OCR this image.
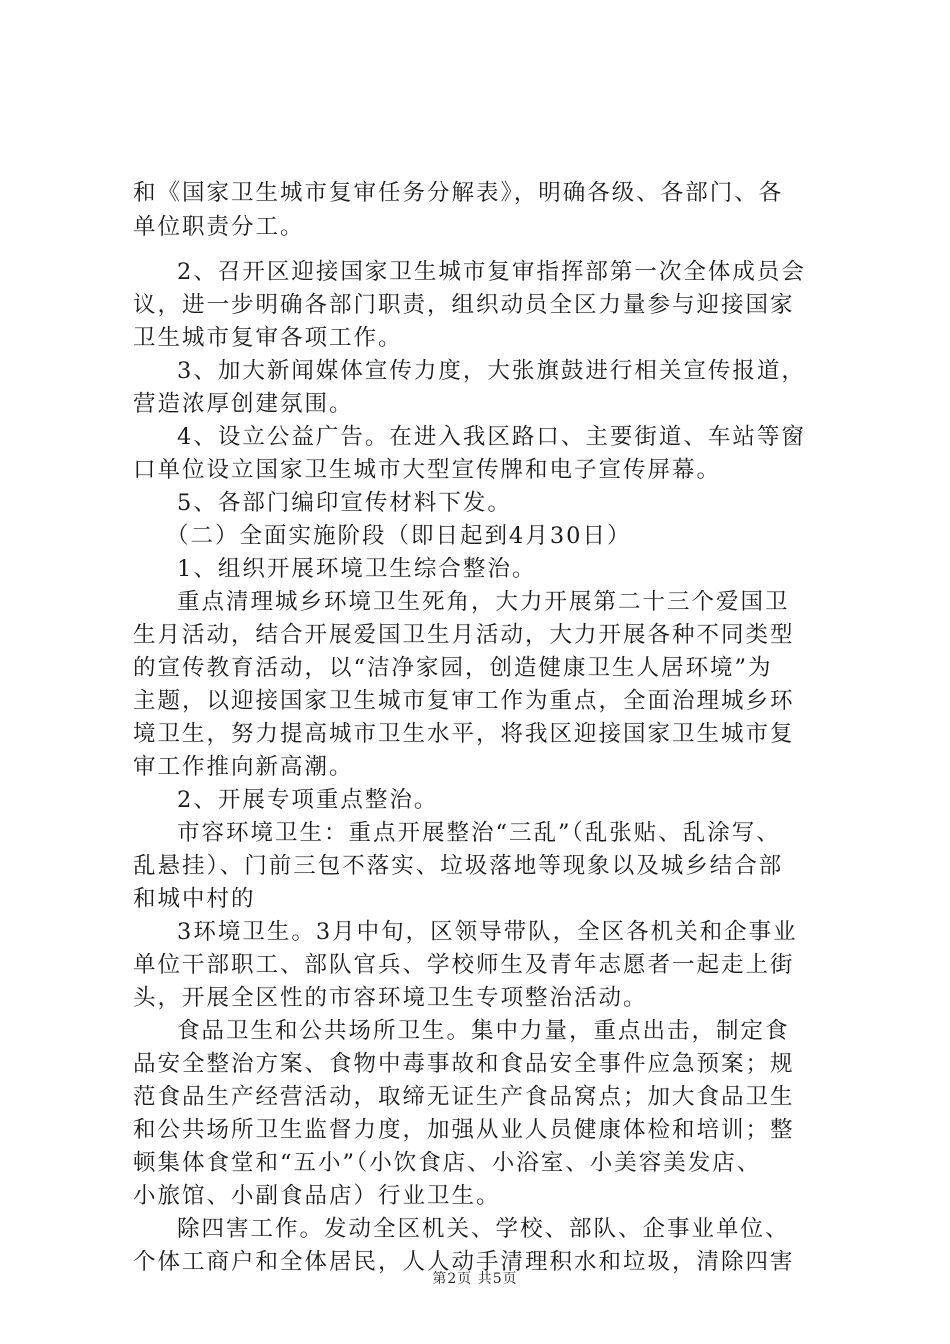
和《国家卫生城市复审任务分解表》，明确各级、各部门、各
单位职责分工。
2、召开区迎接国家卫生城市复审指挥部第一次全体成员会
议，进一步明确各部门职责，组织动员全区力量参与迎接国家
卫生城市复审各项工作。
3、加大新闻媒体宣传力度，大张旗鼓进行相关宣传报道，
营造浓厚创建氛围。
4、设立公益广告。在进入我区路口、主要街道、车站等窗
口单位设立国家卫生城市大型宣传牌和电子宣传屏幕。
5、各部门编印宣传材料下发。
（二）全面实施阶段（即日起到4月30日）
1、组织开展环境卫生综合整治。
重点清理城乡环境卫生死角，大力开展第二十三个爱国卫
生月活动，结合开展爱国卫生月活动，大力开展各种不同类型
的宣传教育活动，以“洁净家园，创造健康卫生人居环境”为
主题，以迎接国家卫生城市复审工作为重点，全面治理城乡环
境卫生，努力提高城市卫生水平，将我区迎接国家卫生城市复
审工作推向新高潮。
2、开展专项重点整治。
市容环境卫生：重点开展整治“三乱”（乱张贴、乱涂写、
乱悬挂）、门前三包不落实、垃圾落地等现象以及城乡结合部
和城中村的
3环境卫生。3月中旬，区领导带队，全区各机关和企事业
单位干部职工、部队官兵、学校师生及青年志愿者一起走上街
头，开展全区性的市容环境卫生专项整治活动。
食品卫生和公共场所卫生。集中力量，重点出击，制定食
品安全整治方案、食物中毒事故和食品安全事件应急预案；规
范食品生产经营活动，取缔无证生产食品窝点；加大食品卫生
和公共场所卫生监督力度，加强从业人员健康体检和培训；整
顿集体食堂和“五小”（小饮食店、小浴室、小美容美发店、
小旅馆、小副食品店）行业卫生。
除四害工作。发动全区机关、学校、部队、企事业单位、
个体工商户和全体居民，人人动手清理积水和垃圾，清除四害
第2页 共5页
